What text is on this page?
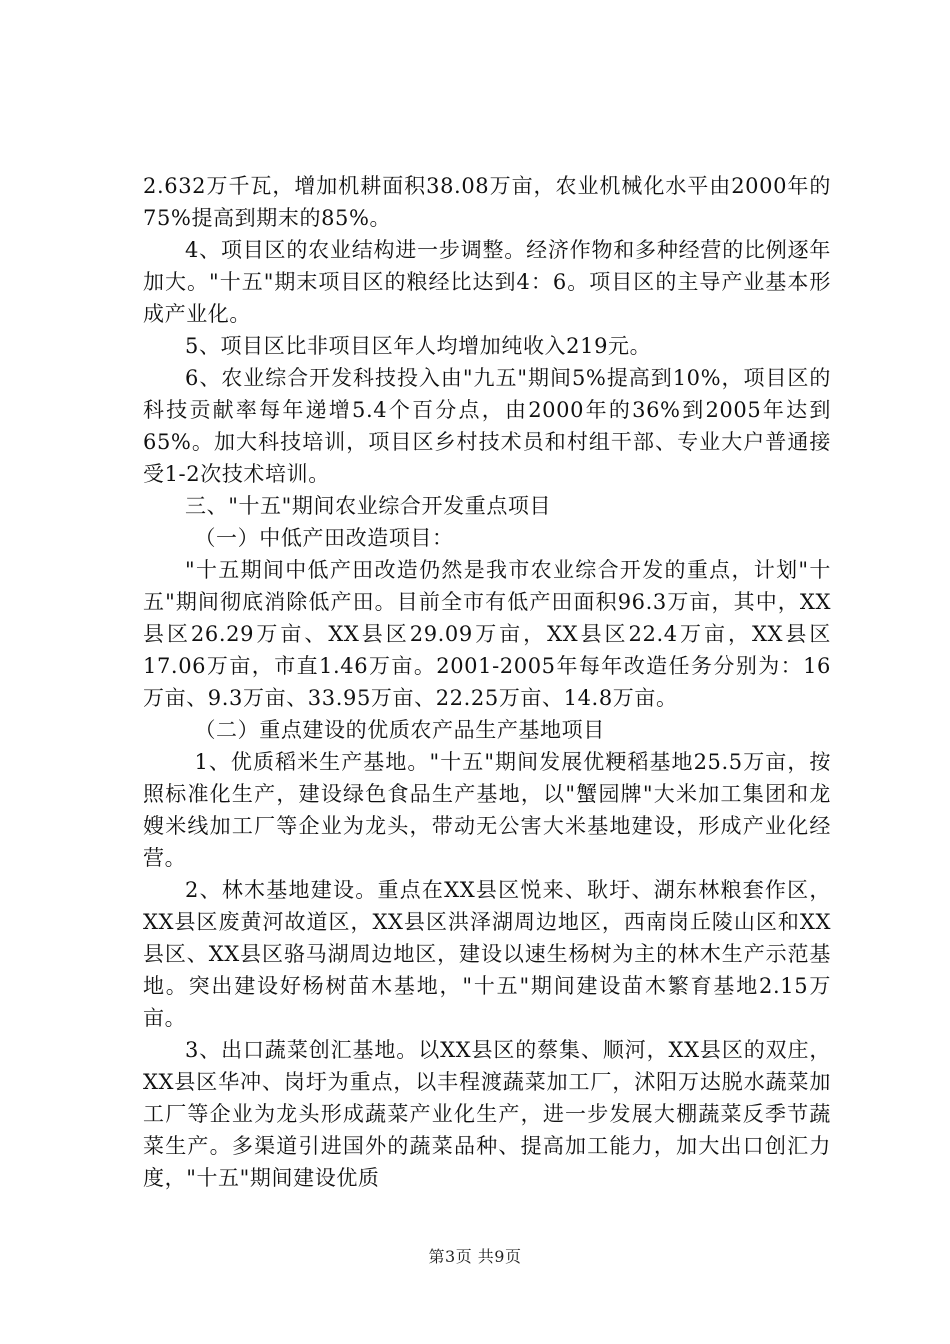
2.632万千瓦，增加机耕面积38.08万亩，农业机械化水平由2000年的75%提高到期末的85%。

4、项目区的农业结构进一步调整。经济作物和多种经营的比例逐年加大。"十五"期末项目区的粮经比达到4：6。项目区的主导产业基本形成产业化。

5、项目区比非项目区年人均增加纯收入219元。

6、农业综合开发科技投入由"九五"期间5%提高到10%，项目区的科技贡献率每年递增5.4个百分点，由2000年的36%到2005年达到65%。加大科技培训，项目区乡村技术员和村组干部、专业大户普通接受1-2次技术培训。

三、"十五"期间农业综合开发重点项目

（一）中低产田改造项目：

"十五期间中低产田改造仍然是我市农业综合开发的重点，计划"十五"期间彻底消除低产田。目前全市有低产田面积96.3万亩，其中，XX县区26.29万亩、XX县区29.09万亩，XX县区22.4万亩，XX县区17.06万亩，市直1.46万亩。2001-2005年每年改造任务分别为：16万亩、9.3万亩、33.95万亩、22.25万亩、14.8万亩。

（二）重点建设的优质农产品生产基地项目

1、优质稻米生产基地。"十五"期间发展优粳稻基地25.5万亩，按照标准化生产，建设绿色食品生产基地，以"蟹园牌"大米加工集团和龙嫂米线加工厂等企业为龙头，带动无公害大米基地建设，形成产业化经营。

2、林木基地建设。重点在XX县区悦来、耿圩、湖东林粮套作区，XX县区废黄河故道区，XX县区洪泽湖周边地区，西南岗丘陵山区和XX县区、XX县区骆马湖周边地区，建设以速生杨树为主的林木生产示范基地。突出建设好杨树苗木基地，"十五"期间建设苗木繁育基地2.15万亩。

3、出口蔬菜创汇基地。以XX县区的蔡集、顺河，XX县区的双庄，XX县区华冲、岗圩为重点，以丰程渡蔬菜加工厂，沭阳万达脱水蔬菜加工厂等企业为龙头形成蔬菜产业化生产，进一步发展大棚蔬菜反季节蔬菜生产。多渠道引进国外的蔬菜品种、提高加工能力，加大出口创汇力度，"十五"期间建设优质

第3页 共9页
